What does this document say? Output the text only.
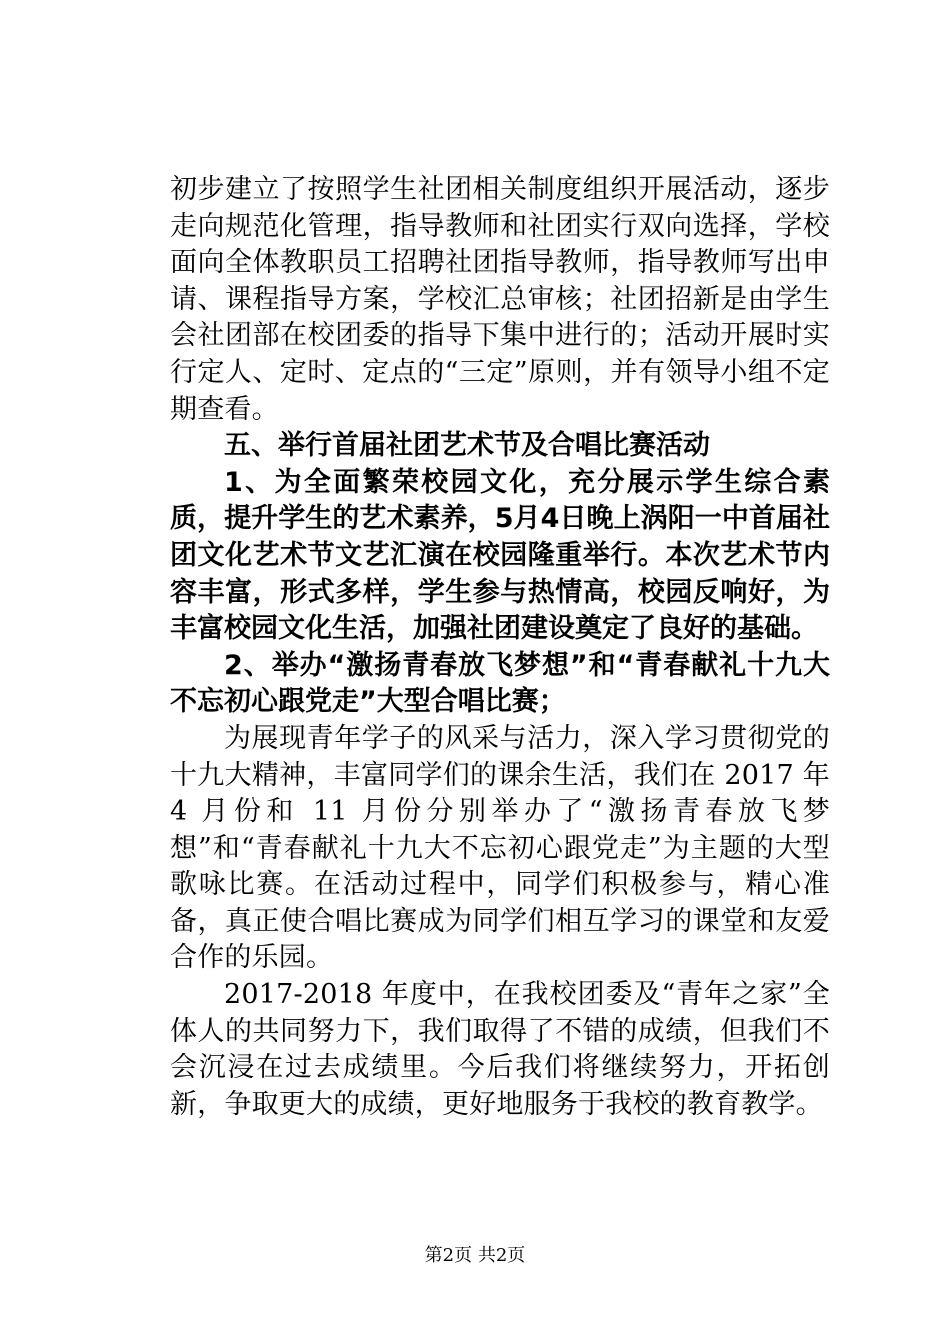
初步建立了按照学生社团相关制度组织开展活动，逐步走向规范化管理，指导教师和社团实行双向选择，学校面向全体教职员工招聘社团指导教师，指导教师写出申请、课程指导方案，学校汇总审核；社团招新是由学生会社团部在校团委的指导下集中进行的；活动开展时实行定人、定时、定点的“三定”原则，并有领导小组不定期查看。

五、举行首届社团艺术节及合唱比赛活动

1、为全面繁荣校园文化，充分展示学生综合素质，提升学生的艺术素养，5月4日晚上涡阳一中首届社团文化艺术节文艺汇演在校园隆重举行。本次艺术节内容丰富，形式多样，学生参与热情高，校园反响好，为丰富校园文化生活，加强社团建设奠定了良好的基础。

2、举办“激扬青春放飞梦想”和“青春献礼十九大不忘初心跟党走”大型合唱比赛；

为展现青年学子的风采与活力，深入学习贯彻党的十九大精神，丰富同学们的课余生活，我们在 2017 年 4 月份和 11 月份分别举办了“激扬青春放飞梦想”和“青春献礼十九大不忘初心跟党走”为主题的大型歌咏比赛。在活动过程中，同学们积极参与，精心准备，真正使合唱比赛成为同学们相互学习的课堂和友爱合作的乐园。

2017-2018 年度中，在我校团委及“青年之家”全体人的共同努力下，我们取得了不错的成绩，但我们不会沉浸在过去成绩里。今后我们将继续努力，开拓创新，争取更大的成绩，更好地服务于我校的教育教学。

第2页 共2页
